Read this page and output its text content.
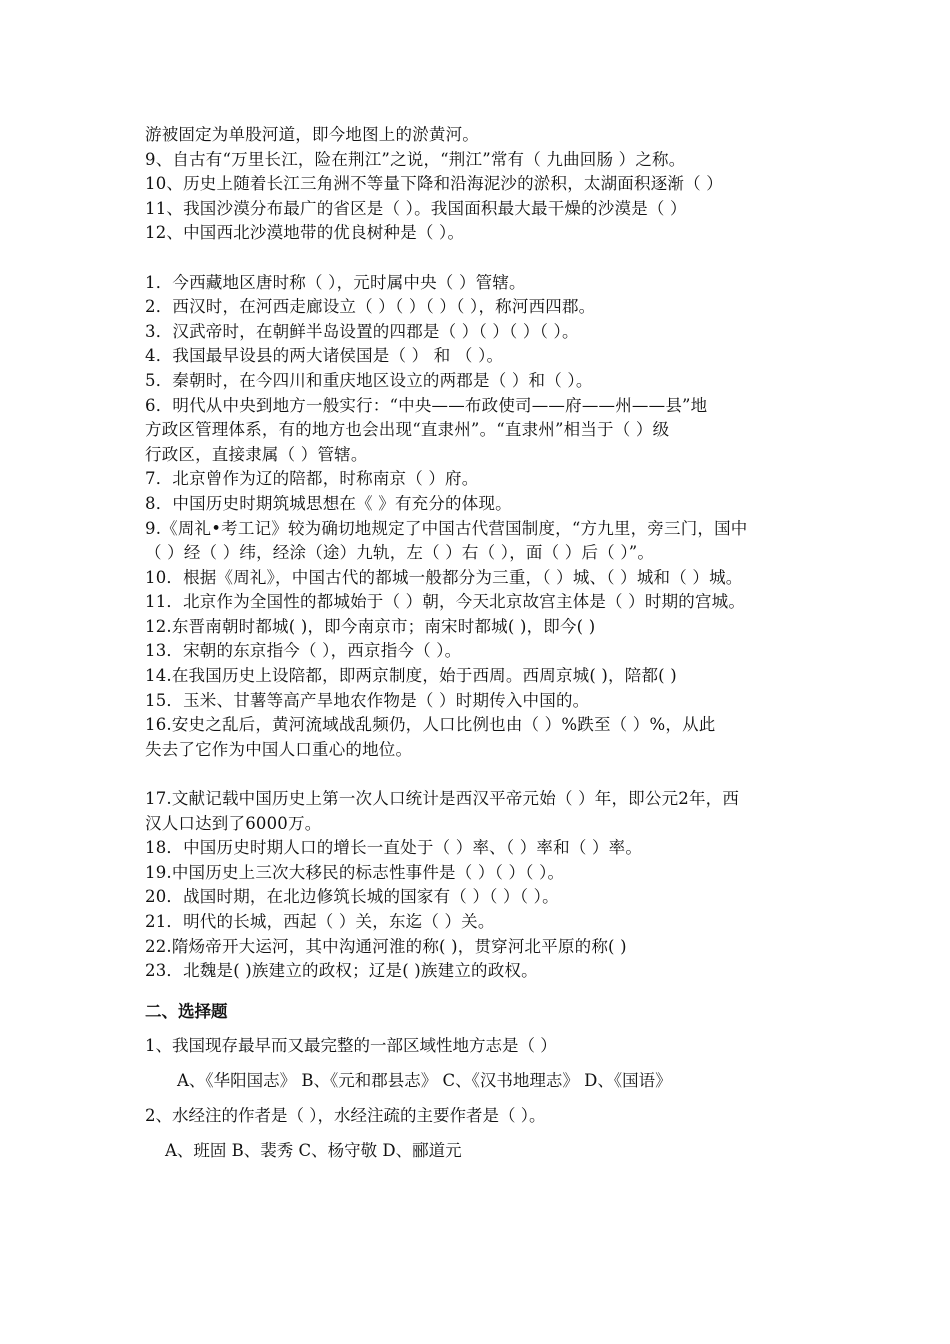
游被固定为单股河道，即今地图上的淤黄河。
9、自古有“万里长江，险在荆江”之说，“荆江”常有（ 九曲回肠 ）之称。
10、历史上随着长江三角洲不等量下降和沿海泥沙的淤积，太湖面积逐渐（ ）
11、我国沙漠分布最广的省区是（ ）。我国面积最大最干燥的沙漠是（ ）
12、中国西北沙漠地带的优良树种是（ ）。
1．今西藏地区唐时称（ ），元时属中央（ ）管辖。
2．西汉时，在河西走廊设立（ ）（ ）（ ）（ ），称河西四郡。
3．汉武帝时，在朝鲜半岛设置的四郡是（ ）（ ）（ ）（ ）。
4．我国最早设县的两大诸侯国是（ ） 和 （ ）。
5．秦朝时，在今四川和重庆地区设立的两郡是（ ）和（ ）。
6．明代从中央到地方一般实行：“中央——布政使司——府——州——县”地
方政区管理体系，有的地方也会出现“直隶州”。“直隶州”相当于（ ）级
行政区，直接隶属（ ）管辖。
7．北京曾作为辽的陪都，时称南京（ ）府。
8．中国历史时期筑城思想在《 》有充分的体现。
9.《周礼•考工记》较为确切地规定了中国古代营国制度，“方九里，旁三门，国中
（ ）经（ ）纬，经涂（途）九轨，左（ ）右（ ），面（ ）后（ ）”。
10．根据《周礼》，中国古代的都城一般都分为三重，（ ）城、（ ）城和（ ）城。
11．北京作为全国性的都城始于（ ）朝，今天北京故宫主体是（ ）时期的宫城。
12.东晋南朝时都城( )，即今南京市；南宋时都城( )，即今( )
13．宋朝的东京指今（ ），西京指今（ ）。
14.在我国历史上设陪都，即两京制度，始于西周。西周京城( )，陪都( )
15．玉米、甘薯等高产旱地农作物是（ ）时期传入中国的。
16.安史之乱后，黄河流域战乱频仍，人口比例也由（ ）%跌至（ ）%，从此
失去了它作为中国人口重心的地位。
17.文献记载中国历史上第一次人口统计是西汉平帝元始（ ）年，即公元2年，西
汉人口达到了6000万。
18．中国历史时期人口的增长一直处于（ ）率、（ ）率和（ ）率。
19.中国历史上三次大移民的标志性事件是（ ）（ ）（ ）。
20．战国时期，在北边修筑长城的国家有（ ）（ ）（ ）。
21．明代的长城，西起（ ）关，东迄（ ）关。
22.隋炀帝开大运河，其中沟通河淮的称( )，贯穿河北平原的称( )
23．北魏是( )族建立的政权；辽是( )族建立的政权。
二、选择题
1、我国现存最早而又最完整的一部区域性地方志是（ ）
A、《华阳国志》 B、《元和郡县志》 C、《汉书地理志》 D、《国语》
2、水经注的作者是（ ），水经注疏的主要作者是（ ）。
A、班固 B、裴秀 C、杨守敬 D、郦道元
